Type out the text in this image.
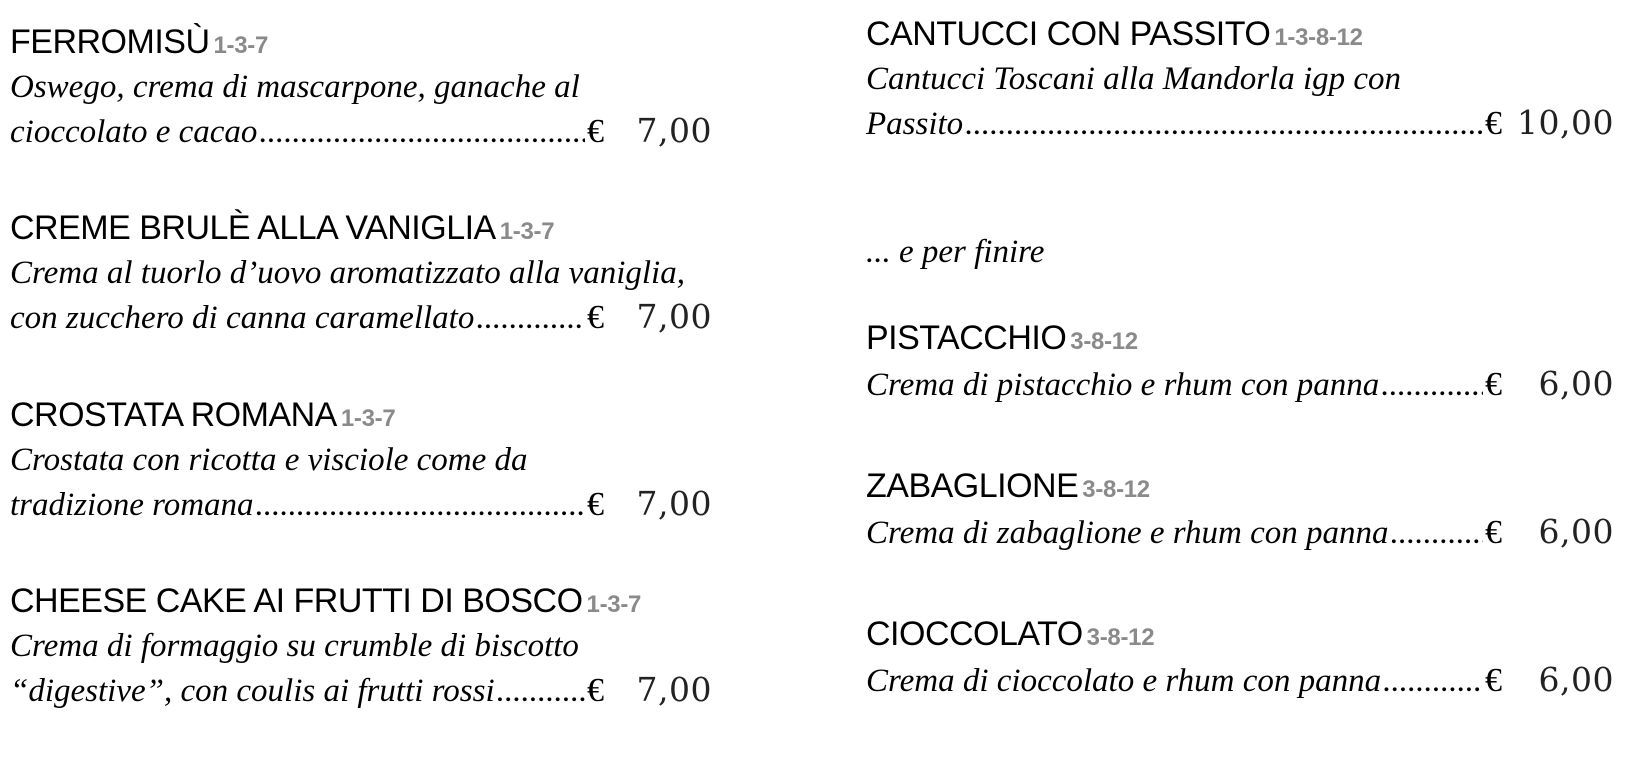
FERROMISÙ 1-3-7
Oswego, crema di mascarpone, ganache al
cioccolato e cacao .....	€ 7,00
CREME BRULÈ ALLA VANIGLIA 1-3-7
Crema al tuorlo d’uovo aromatizzato alla vaniglia,
con zucchero di canna caramellato .....	€ 7,00
CROSTATA ROMANA 1-3-7
Crostata con ricotta e visciole come da
tradizione romana .....	€ 7,00
CHEESE CAKE AI FRUTTI DI BOSCO 1-3-7
Crema di formaggio su crumble di biscotto
“digestive”, con coulis ai frutti rossi .....	€ 7,00
CANTUCCI CON PASSITO 1-3-8-12
Cantucci Toscani alla Mandorla igp con
Passito .....	€ 10,00
... e per finire
PISTACCHIO 3-8-12
Crema di pistacchio e rhum con panna .....	€	6,00
ZABAGLIONE 3-8-12
Crema di zabaglione e rhum con panna .....	€	6,00
CIOCCOLATO 3-8-12
Crema di cioccolato e rhum con panna .....	€	6,00
